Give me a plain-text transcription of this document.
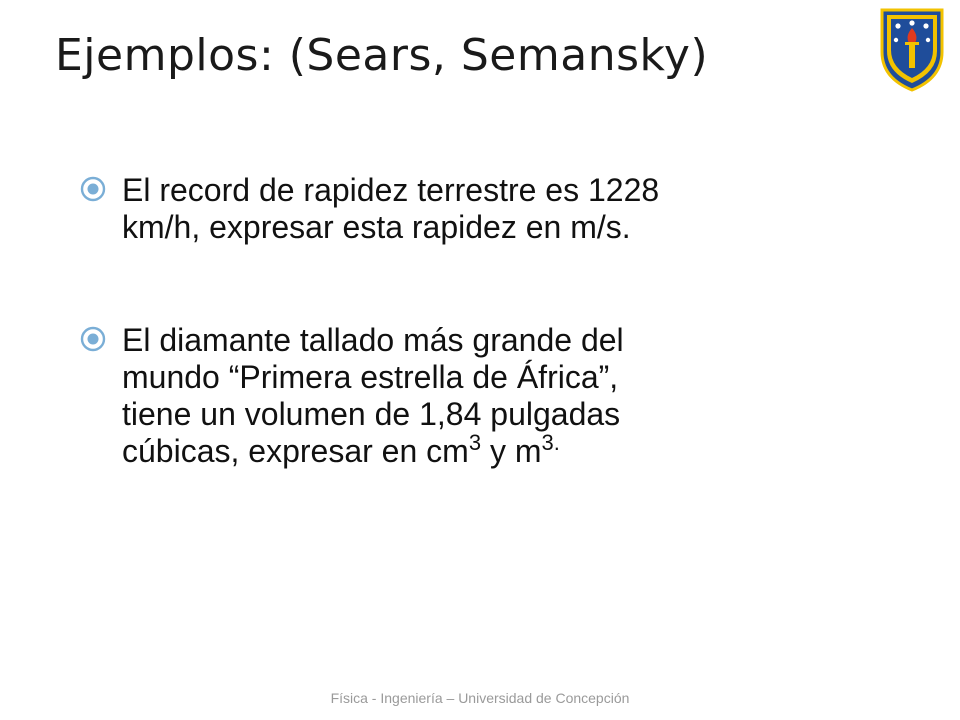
Ejemplos: (Sears, Semansky)
El record de rapidez terrestre es 1228
km/h, expresar esta rapidez en m/s.
El diamante tallado más grande del
mundo “Primera estrella de África”,
tiene un volumen de 1,84 pulgadas
cúbicas, expresar en $cm^3$ y $m^{3.}$
Física - Ingeniería – Universidad de Concepción
